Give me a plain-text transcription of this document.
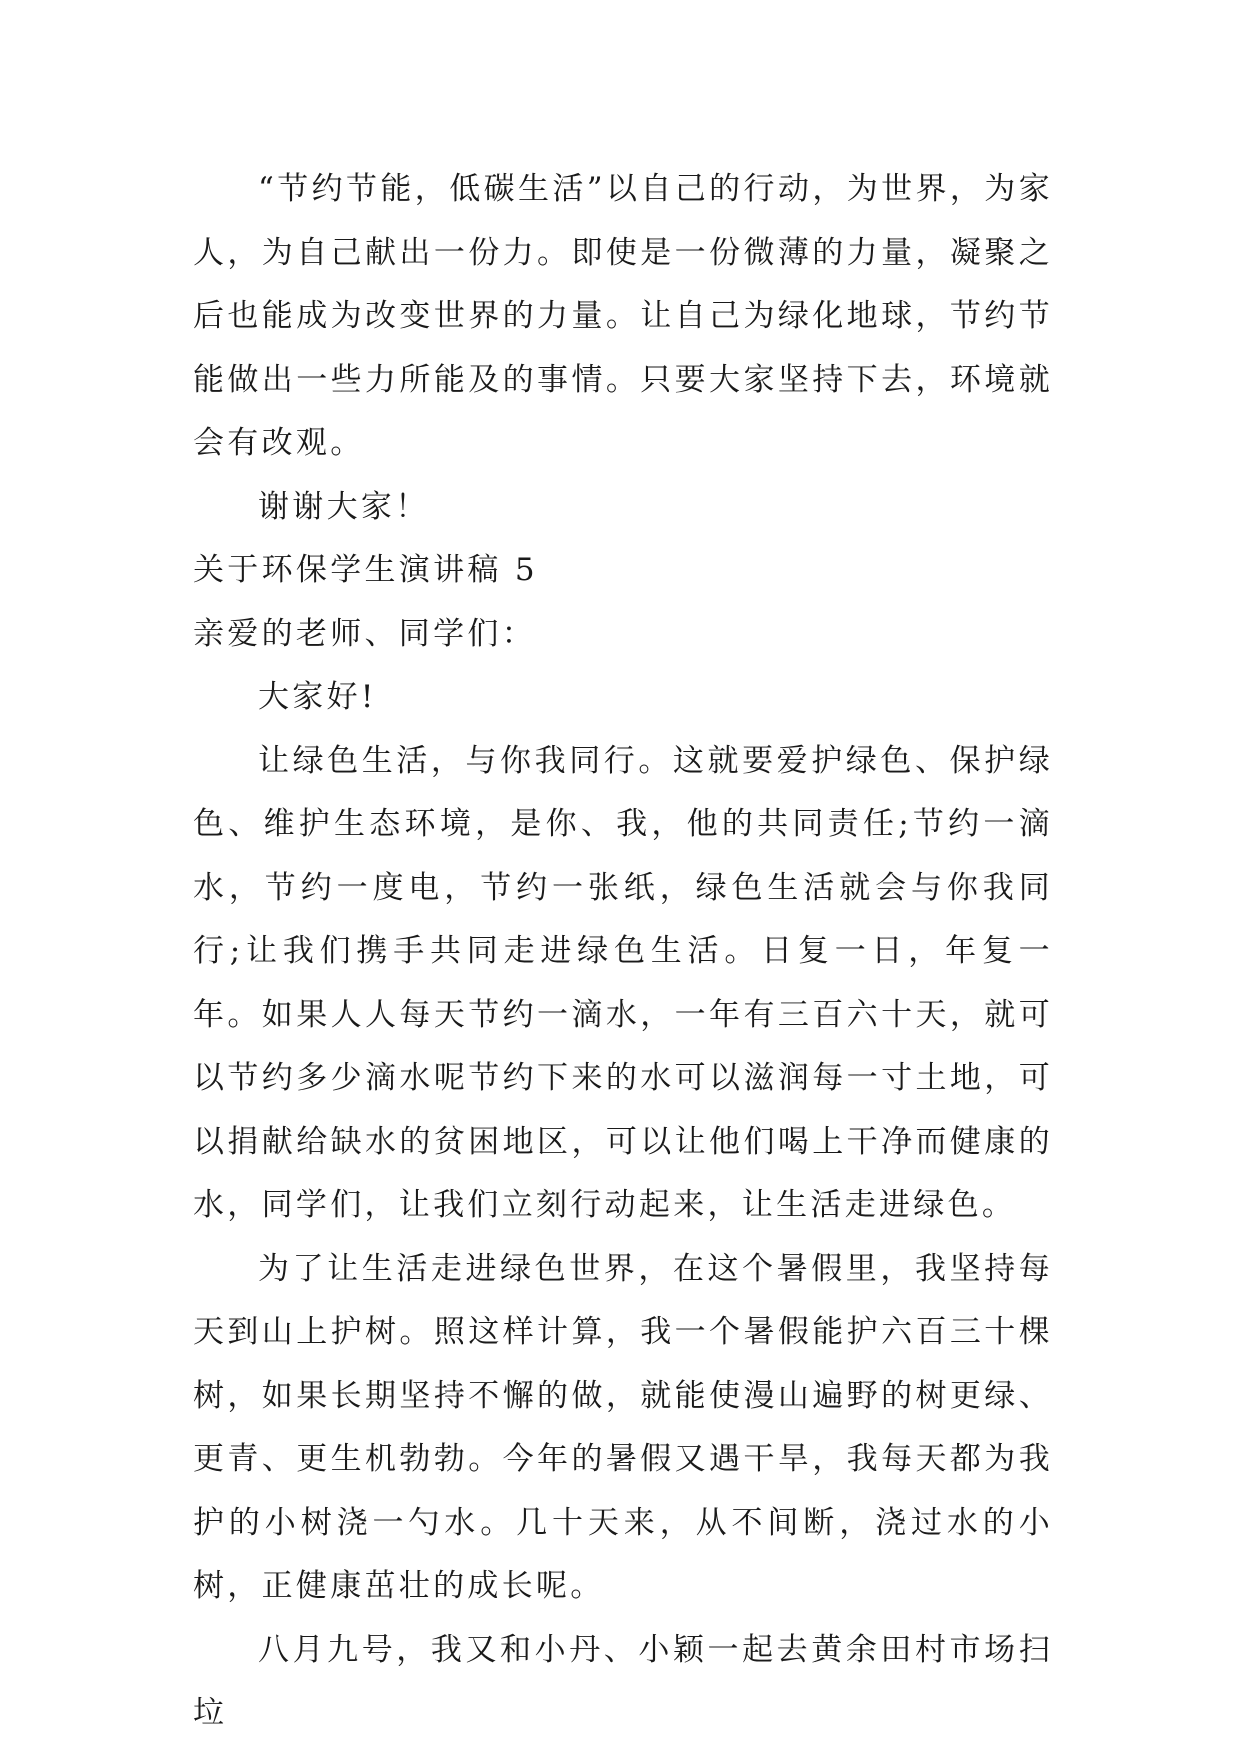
“节约节能，低碳生活”以自己的行动，为世界，为家人，为自己献出一份力。即使是一份微薄的力量，凝聚之后也能成为改变世界的力量。让自己为绿化地球，节约节能做出一些力所能及的事情。只要大家坚持下去，环境就会有改观。

谢谢大家！

关于环保学生演讲稿 5

亲爱的老师、同学们：

大家好!

让绿色生活，与你我同行。这就要爱护绿色、保护绿色、维护生态环境，是你、我，他的共同责任;节约一滴水，节约一度电，节约一张纸，绿色生活就会与你我同行;让我们携手共同走进绿色生活。日复一日，年复一年。如果人人每天节约一滴水，一年有三百六十天，就可以节约多少滴水呢节约下来的水可以滋润每一寸土地，可以捐献给缺水的贫困地区，可以让他们喝上干净而健康的水，同学们，让我们立刻行动起来，让生活走进绿色。

为了让生活走进绿色世界，在这个暑假里，我坚持每天到山上护树。照这样计算，我一个暑假能护六百三十棵树，如果长期坚持不懈的做，就能使漫山遍野的树更绿、更青、更生机勃勃。今年的暑假又遇干旱，我每天都为我护的小树浇一勺水。几十天来，从不间断，浇过水的小树，正健康茁壮的成长呢。

八月九号，我又和小丹、小颖一起去黄余田村市场扫垃
